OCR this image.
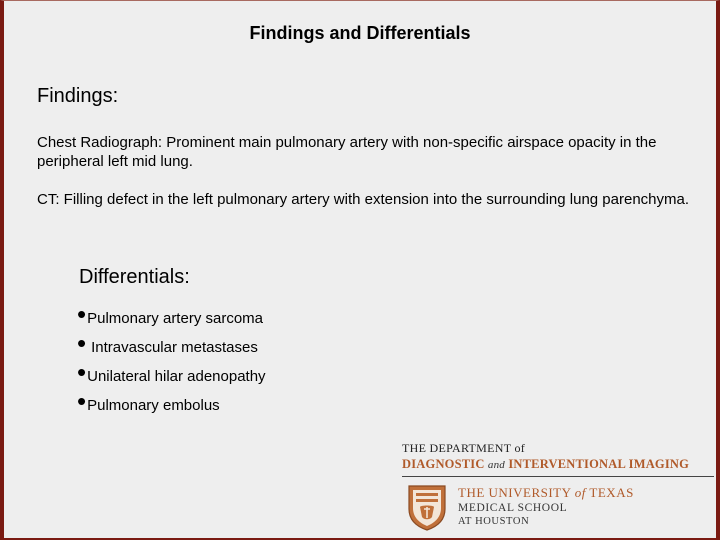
Findings and Differentials
Findings:
Chest Radiograph: Prominent main pulmonary artery with non-specific airspace opacity in the peripheral left mid lung.
CT: Filling defect in the left pulmonary artery with extension into the surrounding lung parenchyma.
Differentials:
• Pulmonary artery sarcoma
• Intravascular metastases
• Unilateral hilar adenopathy
• Pulmonary embolus
THE DEPARTMENT of
DIAGNOSTIC and INTERVENTIONAL IMAGING
THE UNIVERSITY of TEXAS
MEDICAL SCHOOL
AT HOUSTON
